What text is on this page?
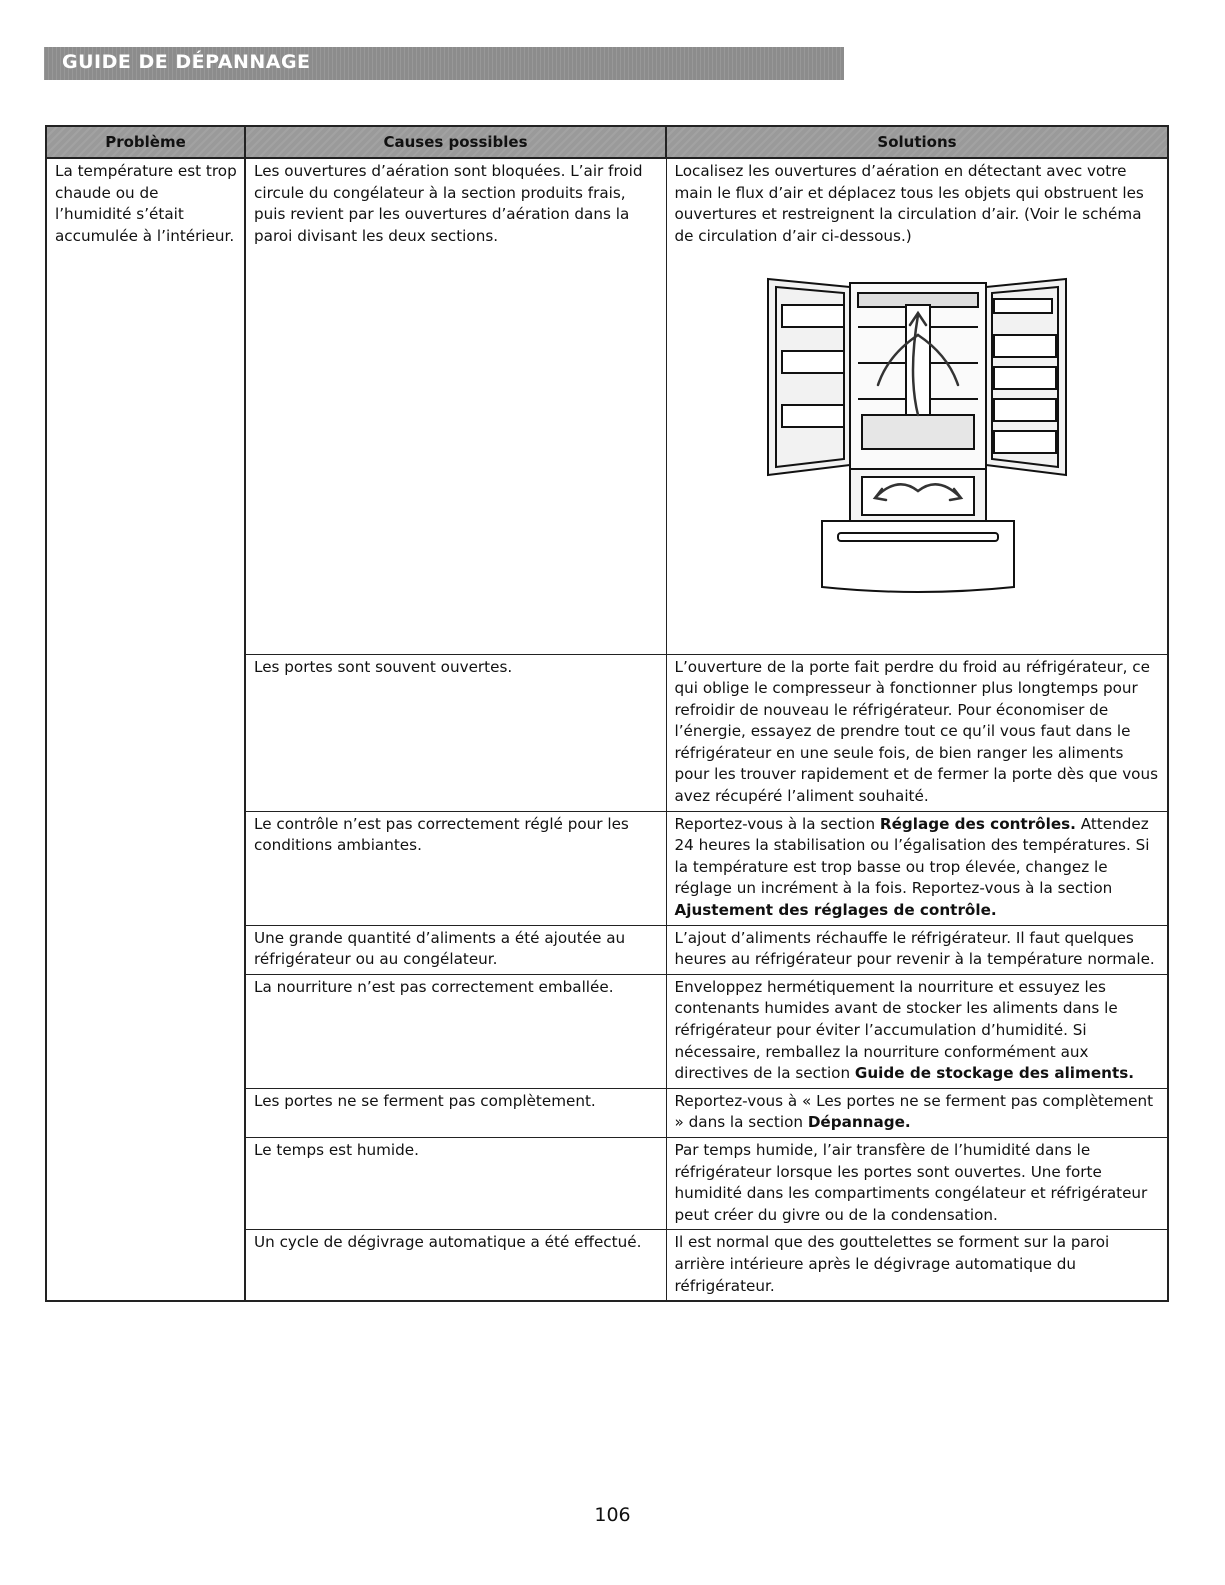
GUIDE DE DÉPANNAGE
Problème	Causes possibles	Solutions
La température est trop chaude ou de l’humidité s’était accumulée à l’intérieur.	Les ouvertures d’aération sont bloquées. L’air froid circule du congélateur à la section produits frais, puis revient par les ouvertures d’aération dans la paroi divisant les deux sections.	Localisez les ouvertures d’aération en détectant avec votre main le flux d’air et déplacez tous les objets qui obstruent les ouvertures et restreignent la circulation d’air. (Voir le schéma de circulation d’air ci-dessous.)

	Les portes sont souvent ouvertes.	L’ouverture de la porte fait perdre du froid au réfrigérateur, ce qui oblige le compresseur à fonctionner plus longtemps pour refroidir de nouveau le réfrigérateur. Pour économiser de l’énergie, essayez de prendre tout ce qu’il vous faut dans le réfrigérateur en une seule fois, de bien ranger les aliments pour les trouver rapidement et de fermer la porte dès que vous avez récupéré l’aliment souhaité.
	Le contrôle n’est pas correctement réglé pour les conditions ambiantes.	Reportez-vous à la section Réglage des contrôles. Attendez 24 heures la stabilisation ou l’égalisation des températures. Si la température est trop basse ou trop élevée, changez le réglage un incrément à la fois. Reportez-vous à la section Ajustement des réglages de contrôle.
	Une grande quantité d’aliments a été ajoutée au réfrigérateur ou au congélateur.	L’ajout d’aliments réchauffe le réfrigérateur. Il faut quelques heures au réfrigérateur pour revenir à la température normale.
	La nourriture n’est pas correctement emballée.	Enveloppez hermétiquement la nourriture et essuyez les contenants humides avant de stocker les aliments dans le réfrigérateur pour éviter l’accumulation d’humidité. Si nécessaire, remballez la nourriture conformément aux directives de la section Guide de stockage des aliments.
	Les portes ne se ferment pas complètement.	Reportez-vous à « Les portes ne se ferment pas complètement » dans la section Dépannage.
	Le temps est humide.	Par temps humide, l’air transfère de l’humidité dans le réfrigérateur lorsque les portes sont ouvertes. Une forte humidité dans les compartiments congélateur et réfrigérateur peut créer du givre ou de la condensation.
	Un cycle de dégivrage automatique a été effectué.	Il est normal que des gouttelettes se forment sur la paroi arrière intérieure après le dégivrage automatique du réfrigérateur.
106
